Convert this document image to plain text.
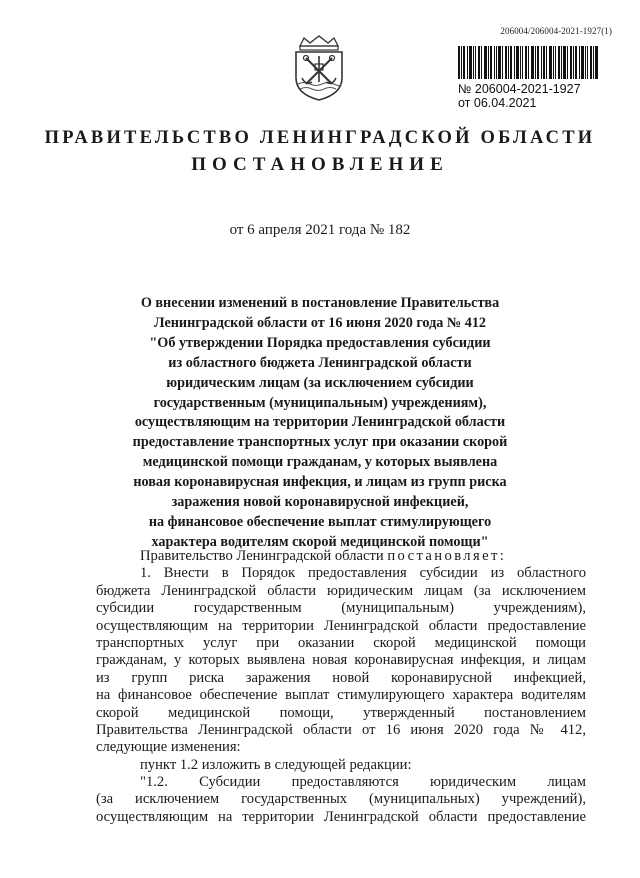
206004/206004-2021-1927(1)
№ 206004-2021-1927
от 06.04.2021
ПРАВИТЕЛЬСТВО ЛЕНИНГРАДСКОЙ ОБЛАСТИ
ПОСТАНОВЛЕНИЕ
от 6 апреля 2021 года № 182
О внесении изменений в постановление Правительства
Ленинградской области от 16 июня 2020 года № 412
"Об утверждении Порядка предоставления субсидии
из областного бюджета Ленинградской области
юридическим лицам (за исключением субсидии
государственным (муниципальным) учреждениям),
осуществляющим на территории Ленинградской области
предоставление транспортных услуг при оказании скорой
медицинской помощи гражданам, у которых выявлена
новая коронавирусная инфекция, и лицам из групп риска
заражения новой коронавирусной инфекцией,
на финансовое обеспечение выплат стимулирующего
характера водителям скорой медицинской помощи"
Правительство Ленинградской области постановляет:
1. Внести в Порядок предоставления субсидии из областного
бюджета Ленинградской области юридическим лицам (за исключением
субсидии государственным (муниципальным) учреждениям),
осуществляющим на территории Ленинградской области предоставление
транспортных услуг при оказании скорой медицинской помощи
гражданам, у которых выявлена новая коронавирусная инфекция, и лицам
из групп риска заражения новой коронавирусной инфекцией,
на финансовое обеспечение выплат стимулирующего характера водителям
скорой медицинской помощи, утвержденный постановлением
Правительства Ленинградской области от 16 июня 2020 года № 412,
следующие изменения:
пункт 1.2 изложить в следующей редакции:
"1.2. Субсидии предоставляются юридическим лицам
(за исключением государственных (муниципальных) учреждений),
осуществляющим на территории Ленинградской области предоставление
